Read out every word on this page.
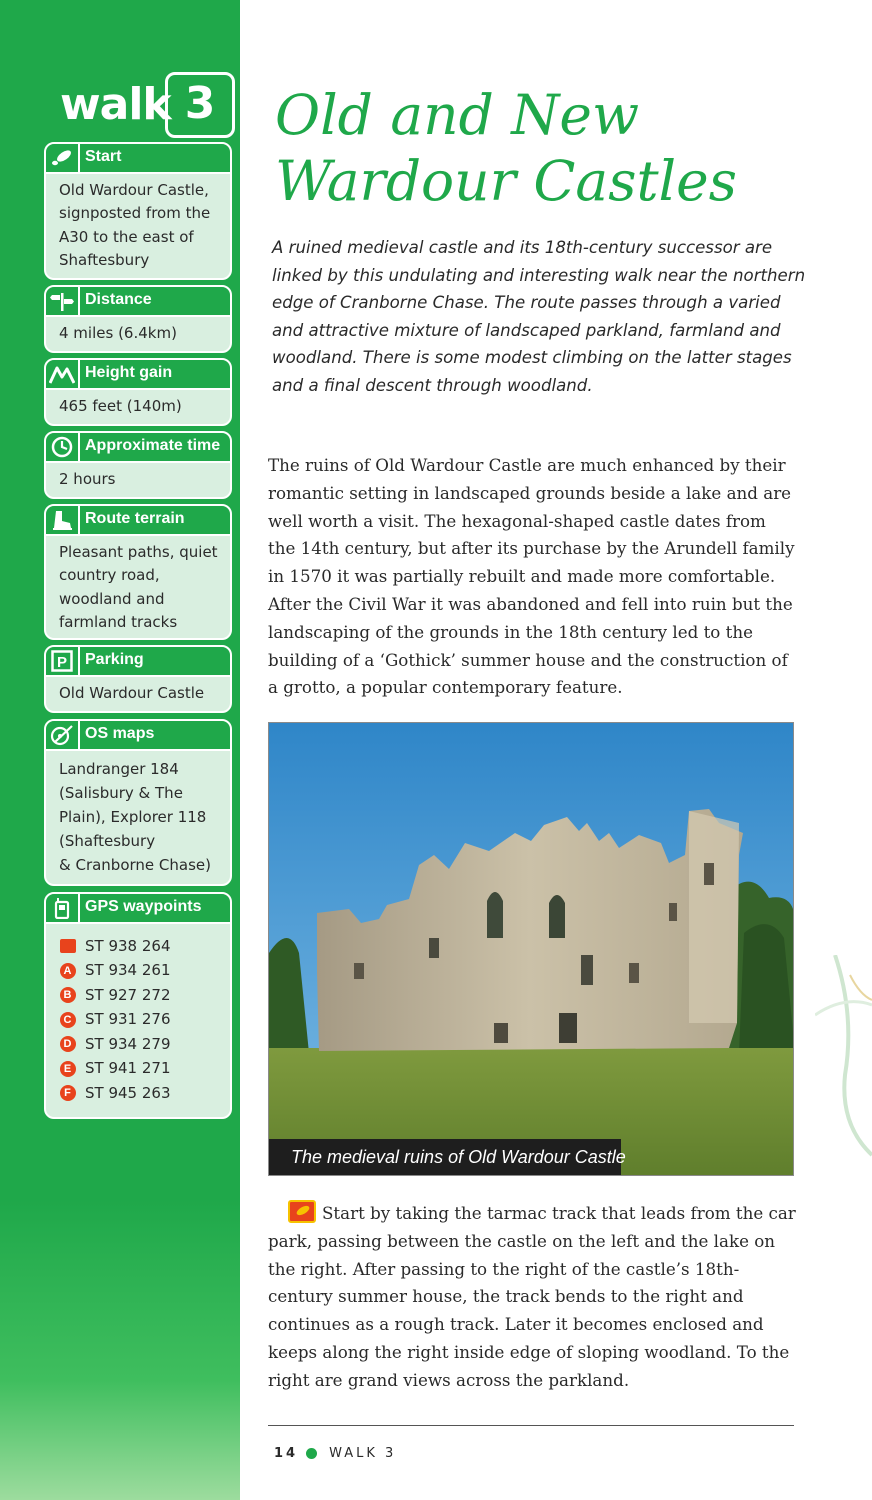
walk 3
Start
Old Wardour Castle,
signposted from the
A30 to the east of
Shaftesbury
Distance
4 miles (6.4km)
Height gain
465 feet (140m)
Approximate time
2 hours
Route terrain
Pleasant paths, quiet
country road,
woodland and
farmland tracks
P Parking
Old Wardour Castle
OS maps
Landranger 184
(Salisbury & The
Plain), Explorer 118
(Shaftesbury
& Cranborne Chase)
GPS waypoints
ST 938 264
A ST 934 261
B ST 927 272
C ST 931 276
D ST 934 279
E ST 941 271
F ST 945 263
Old and New
Wardour Castles
A ruined medieval castle and its 18th-century successor are linked by this undulating and interesting walk near the northern edge of Cranborne Chase. The route passes through a varied and attractive mixture of landscaped parkland, farmland and woodland. There is some modest climbing on the latter stages and a final descent through woodland.
The ruins of Old Wardour Castle are much enhanced by their romantic setting in landscaped grounds beside a lake and are well worth a visit. The hexagonal-shaped castle dates from the 14th century, but after its purchase by the Arundell family in 1570 it was partially rebuilt and made more comfortable. After the Civil War it was abandoned and fell into ruin but the landscaping of the grounds in the 18th century led to the building of a ‘Gothick’ summer house and the construction of a grotto, a popular contemporary feature.
The medieval ruins of Old Wardour Castle
Start by taking the tarmac track that leads from the car park, passing between the castle on the left and the lake on the right. After passing to the right of the castle’s 18th-century summer house, the track bends to the right and continues as a rough track. Later it becomes enclosed and keeps along the right inside edge of sloping woodland. To the right are grand views across the parkland.
14 WALK 3
